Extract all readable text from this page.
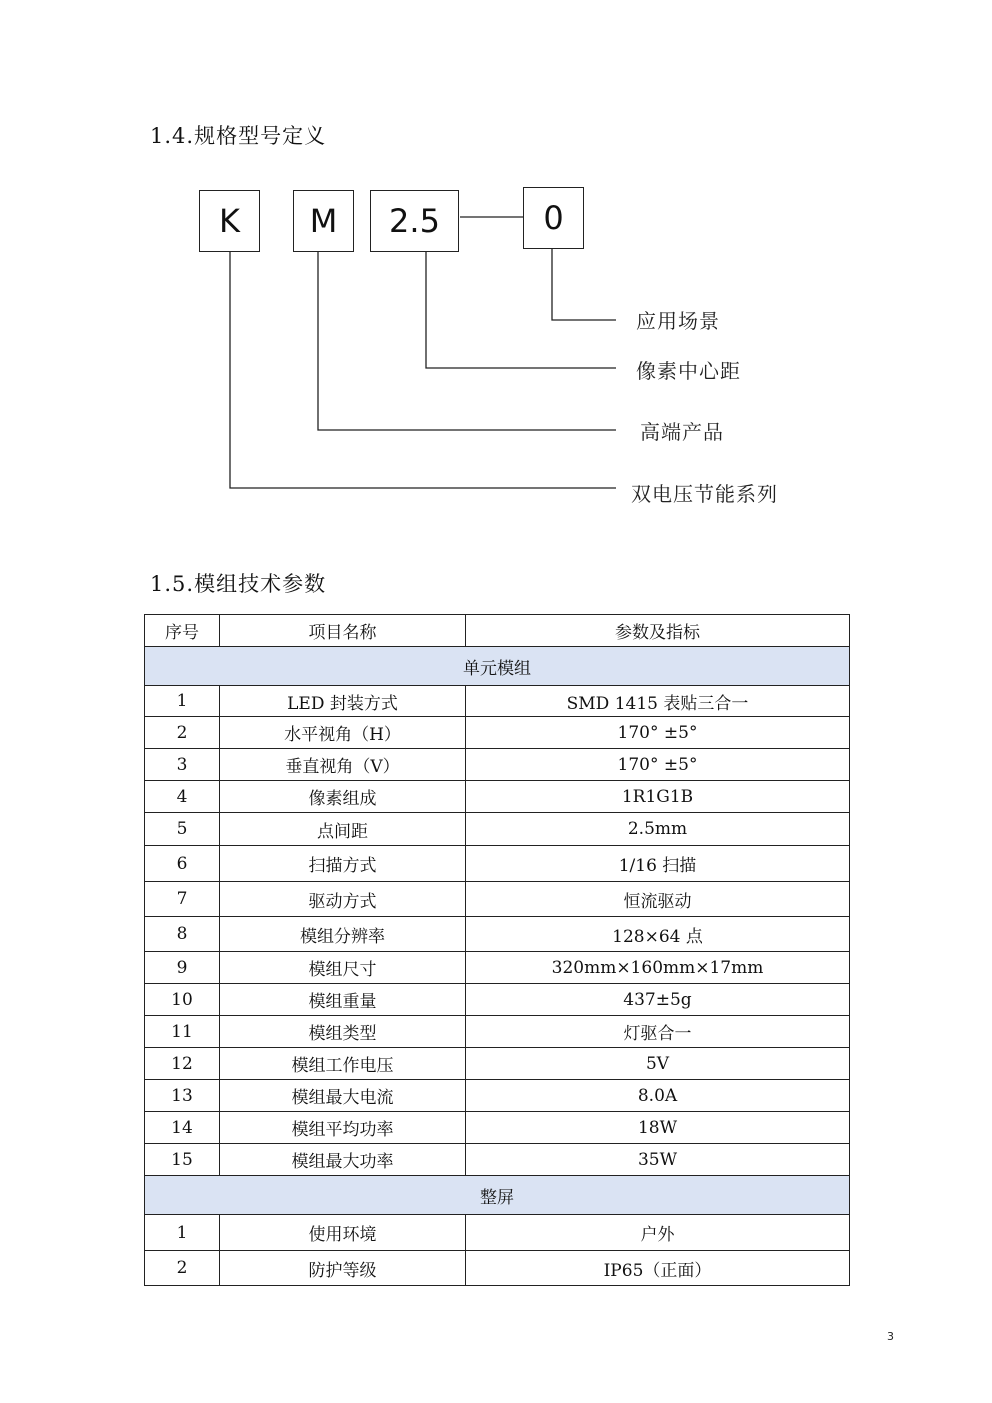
1.4.规格型号定义
K	M	2.5	0
应用场景
像素中心距
高端产品
双电压节能系列
1.5.模组技术参数
序号	项目名称	参数及指标
单元模组		
1	LED 封装方式	SMD 1415 表贴三合一
2	水平视角（H）	170° ±5°
3	垂直视角（V）	170° ±5°
4	像素组成	1R1G1B
5	点间距	2.5mm
6	扫描方式	1/16 扫描
7	驱动方式	恒流驱动
8	模组分辨率	128×64 点
9	模组尺寸	320mm×160mm×17mm
10	模组重量	437±5g
11	模组类型	灯驱合一
12	模组工作电压	5V
13	模组最大电流	8.0A
14	模组平均功率	18W
15	模组最大功率	35W
整屏		
1	使用环境	户外
2	防护等级	IP65（正面）
3
